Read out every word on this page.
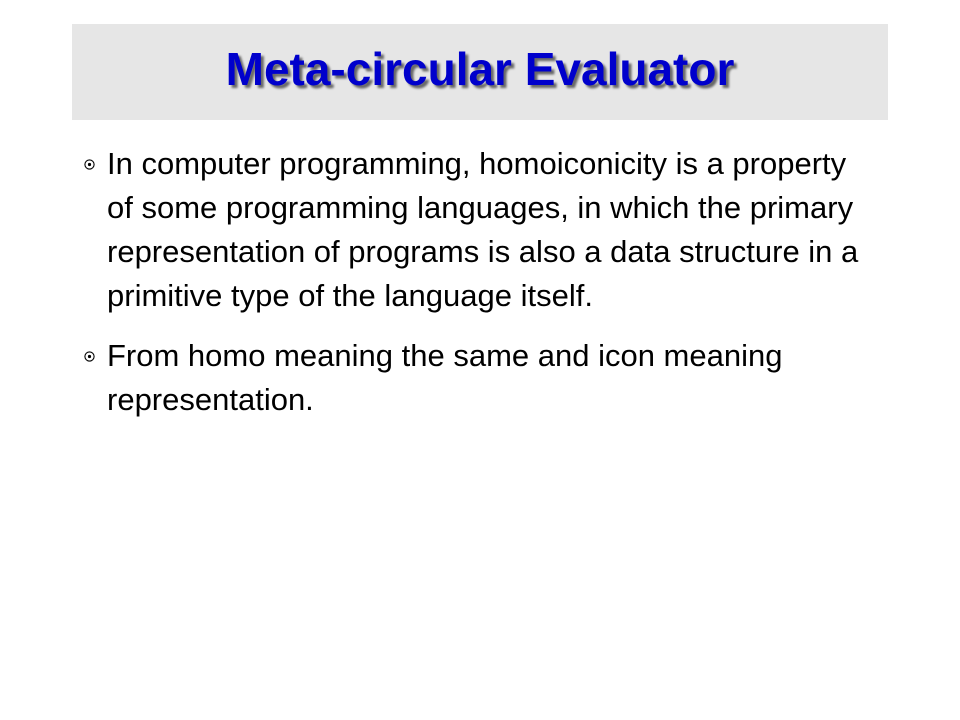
Meta-circular Evaluator
In computer programming, homoiconicity is a property of some programming languages, in which the primary representation of programs is also a data structure in a primitive type of the language itself.
From homo meaning the same and icon meaning representation.
